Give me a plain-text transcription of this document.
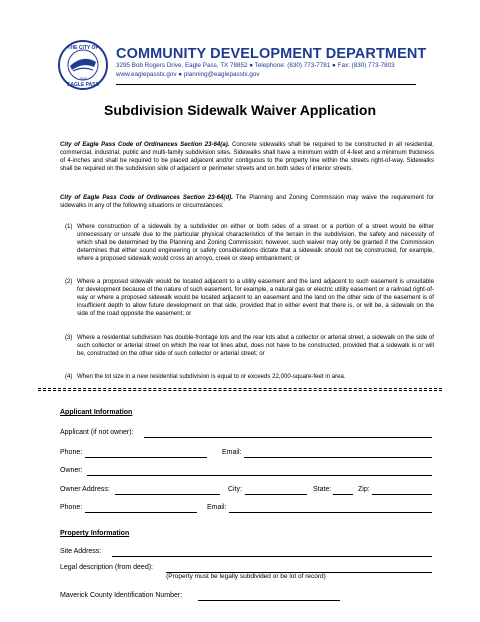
THE CITY OF
EAGLE PASS
1849
COMMUNITY DEVELOPMENT DEPARTMENT
3295 Bob Rogers Drive, Eagle Pass, TX 78852 ● Telephone: (830) 773-7781 ● Fax: (830) 773-7803
www.eaglepasstx.gov ● planning@eaglepasstx.gov
Subdivision Sidewalk Waiver Application
City of Eagle Pass Code of Ordinances Section 23-64(a). Concrete sidewalks shall be required to be constructed in all residential, commercial, industrial, public and multi-family subdivision sites. Sidewalks shall have a minimum width of 4-feet and a minimum thickness of 4-inches and shall be required to be placed adjacent and/or contiguous to the property line within the streets right-of-way. Sidewalks shall be required on the subdivision side of adjacent or perimeter streets and on both sides of interior streets.
City of Eagle Pass Code of Ordinances Section 23-64(d). The Planning and Zoning Commission may waive the requirement for sidewalks in any of the following situations or circumstances:
(1) Where construction of a sidewalk by a subdivider on either or both sides of a street or a portion of a street would be either unnecessary or unsafe due to the particular physical characteristics of the terrain in the subdivision, the safety and necessity of which shall be determined by the Planning and Zoning Commission; however, such waiver may only be granted if the Commission determines that either sound engineering or safety considerations dictate that a sidewalk should not be constructed, for example, where a proposed sidewalk would cross an arroyo, creek or steep embankment; or
(2) Where a proposed sidewalk would be located adjacent to a utility easement and the land adjacent to such easement is unsuitable for development because of the nature of such easement, for example, a natural gas or electric utility easement or a railroad right-of-way or where a proposed sidewalk would be located adjacent to an easement and the land on the other side of the easement is of insufficient depth to allow future development on that side, provided that in either event that there is, or will be, a sidewalk on the side of the road opposite the easement; or
(3) Where a residential subdivision has double-frontage lots and the rear lots abut a collector or arterial street, a sidewalk on the side of such collector or arterial street on which the rear lot lines abut, does not have to be constructed, provided that a sidewalk is or will be, constructed on the other side of such collector or arterial street; or
(4) When the lot size in a new residential subdivision is equal to or exceeds 22,000-square-feet in area.
Applicant Information
Applicant (if not owner):
Phone:	Email:
Owner:
Owner Address:	City:	State:	Zip:
Phone:	Email:
Property Information
Site Address:
Legal description (from deed):
(Property must be legally subdivided or be lot of record)
Maverick County Identification Number:
